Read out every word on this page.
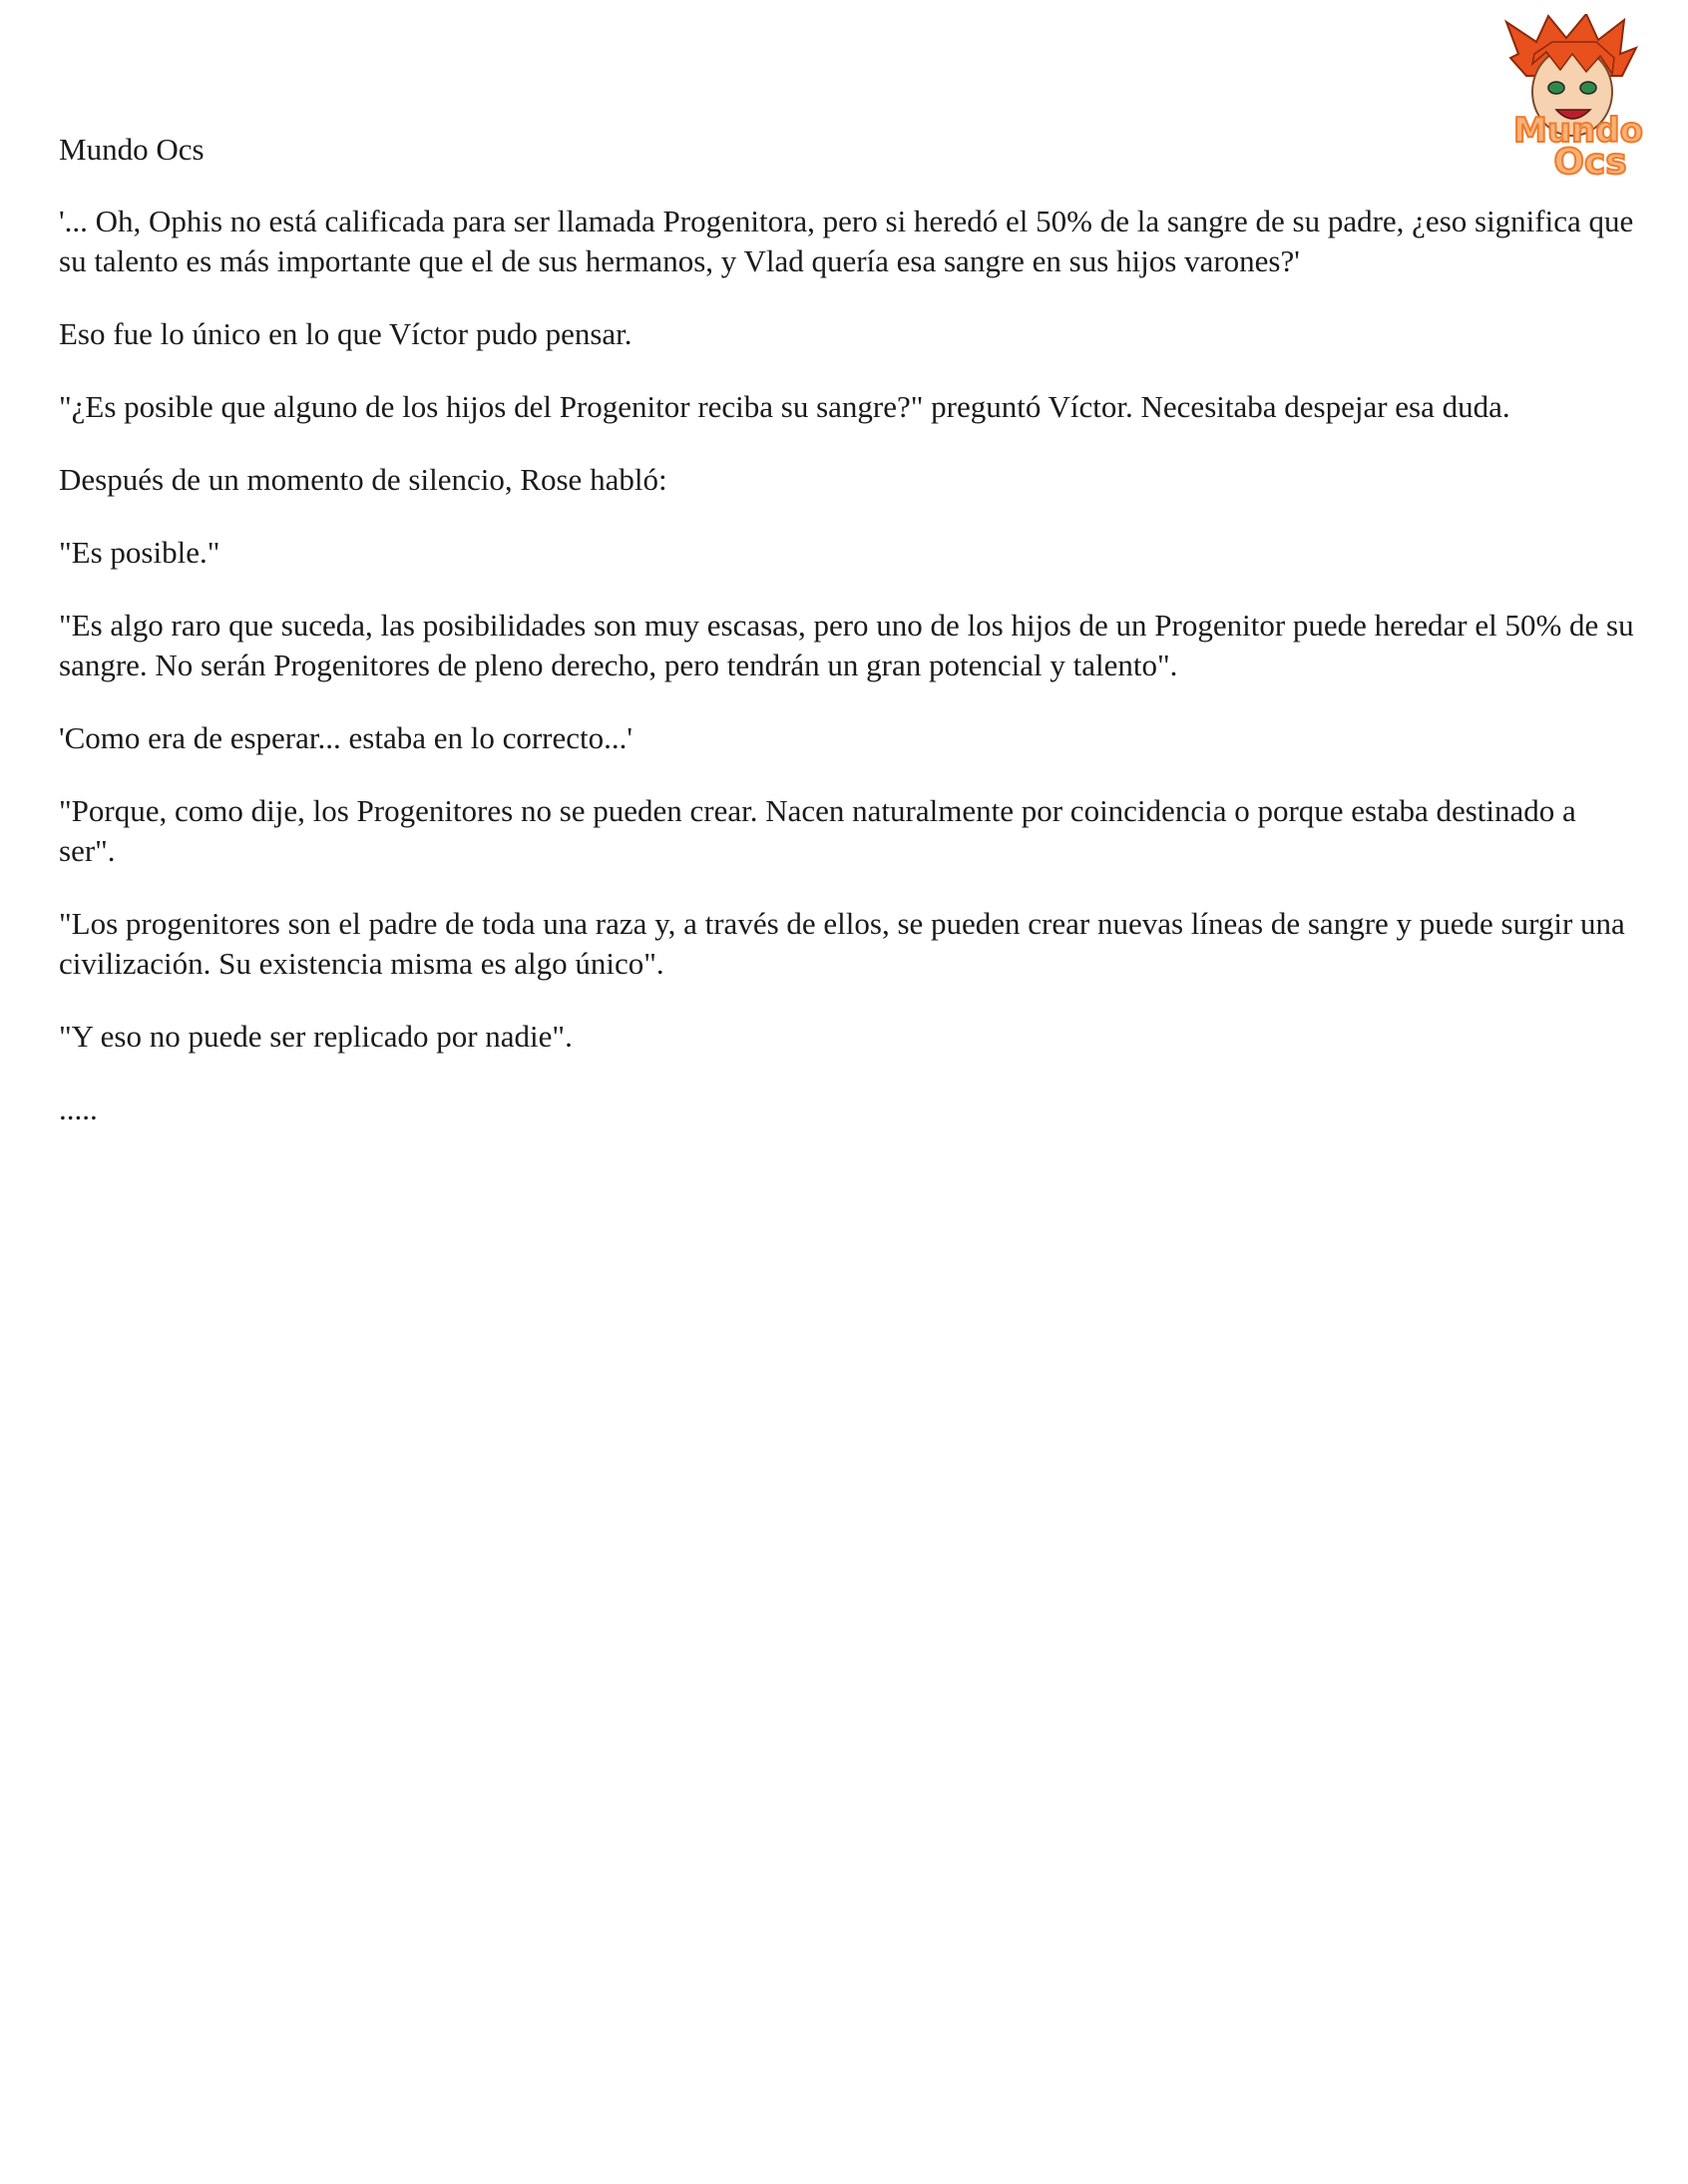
Mundo
Ocs
Mundo Ocs

'... Oh, Ophis no está calificada para ser llamada Progenitora, pero si heredó el 50% de la sangre de su padre, ¿eso significa que su talento es más importante que el de sus hermanos, y Vlad quería esa sangre en sus hijos varones?'

Eso fue lo único en lo que Víctor pudo pensar.

"¿Es posible que alguno de los hijos del Progenitor reciba su sangre?" preguntó Víctor. Necesitaba despejar esa duda.

Después de un momento de silencio, Rose habló:

"Es posible."

"Es algo raro que suceda, las posibilidades son muy escasas, pero uno de los hijos de un Progenitor puede heredar el 50% de su sangre. No serán Progenitores de pleno derecho, pero tendrán un gran potencial y talento".

'Como era de esperar... estaba en lo correcto...'

"Porque, como dije, los Progenitores no se pueden crear. Nacen naturalmente por coincidencia o porque estaba destinado a ser".

"Los progenitores son el padre de toda una raza y, a través de ellos, se pueden crear nuevas líneas de sangre y puede surgir una civilización. Su existencia misma es algo único".

"Y eso no puede ser replicado por nadie".

.....
